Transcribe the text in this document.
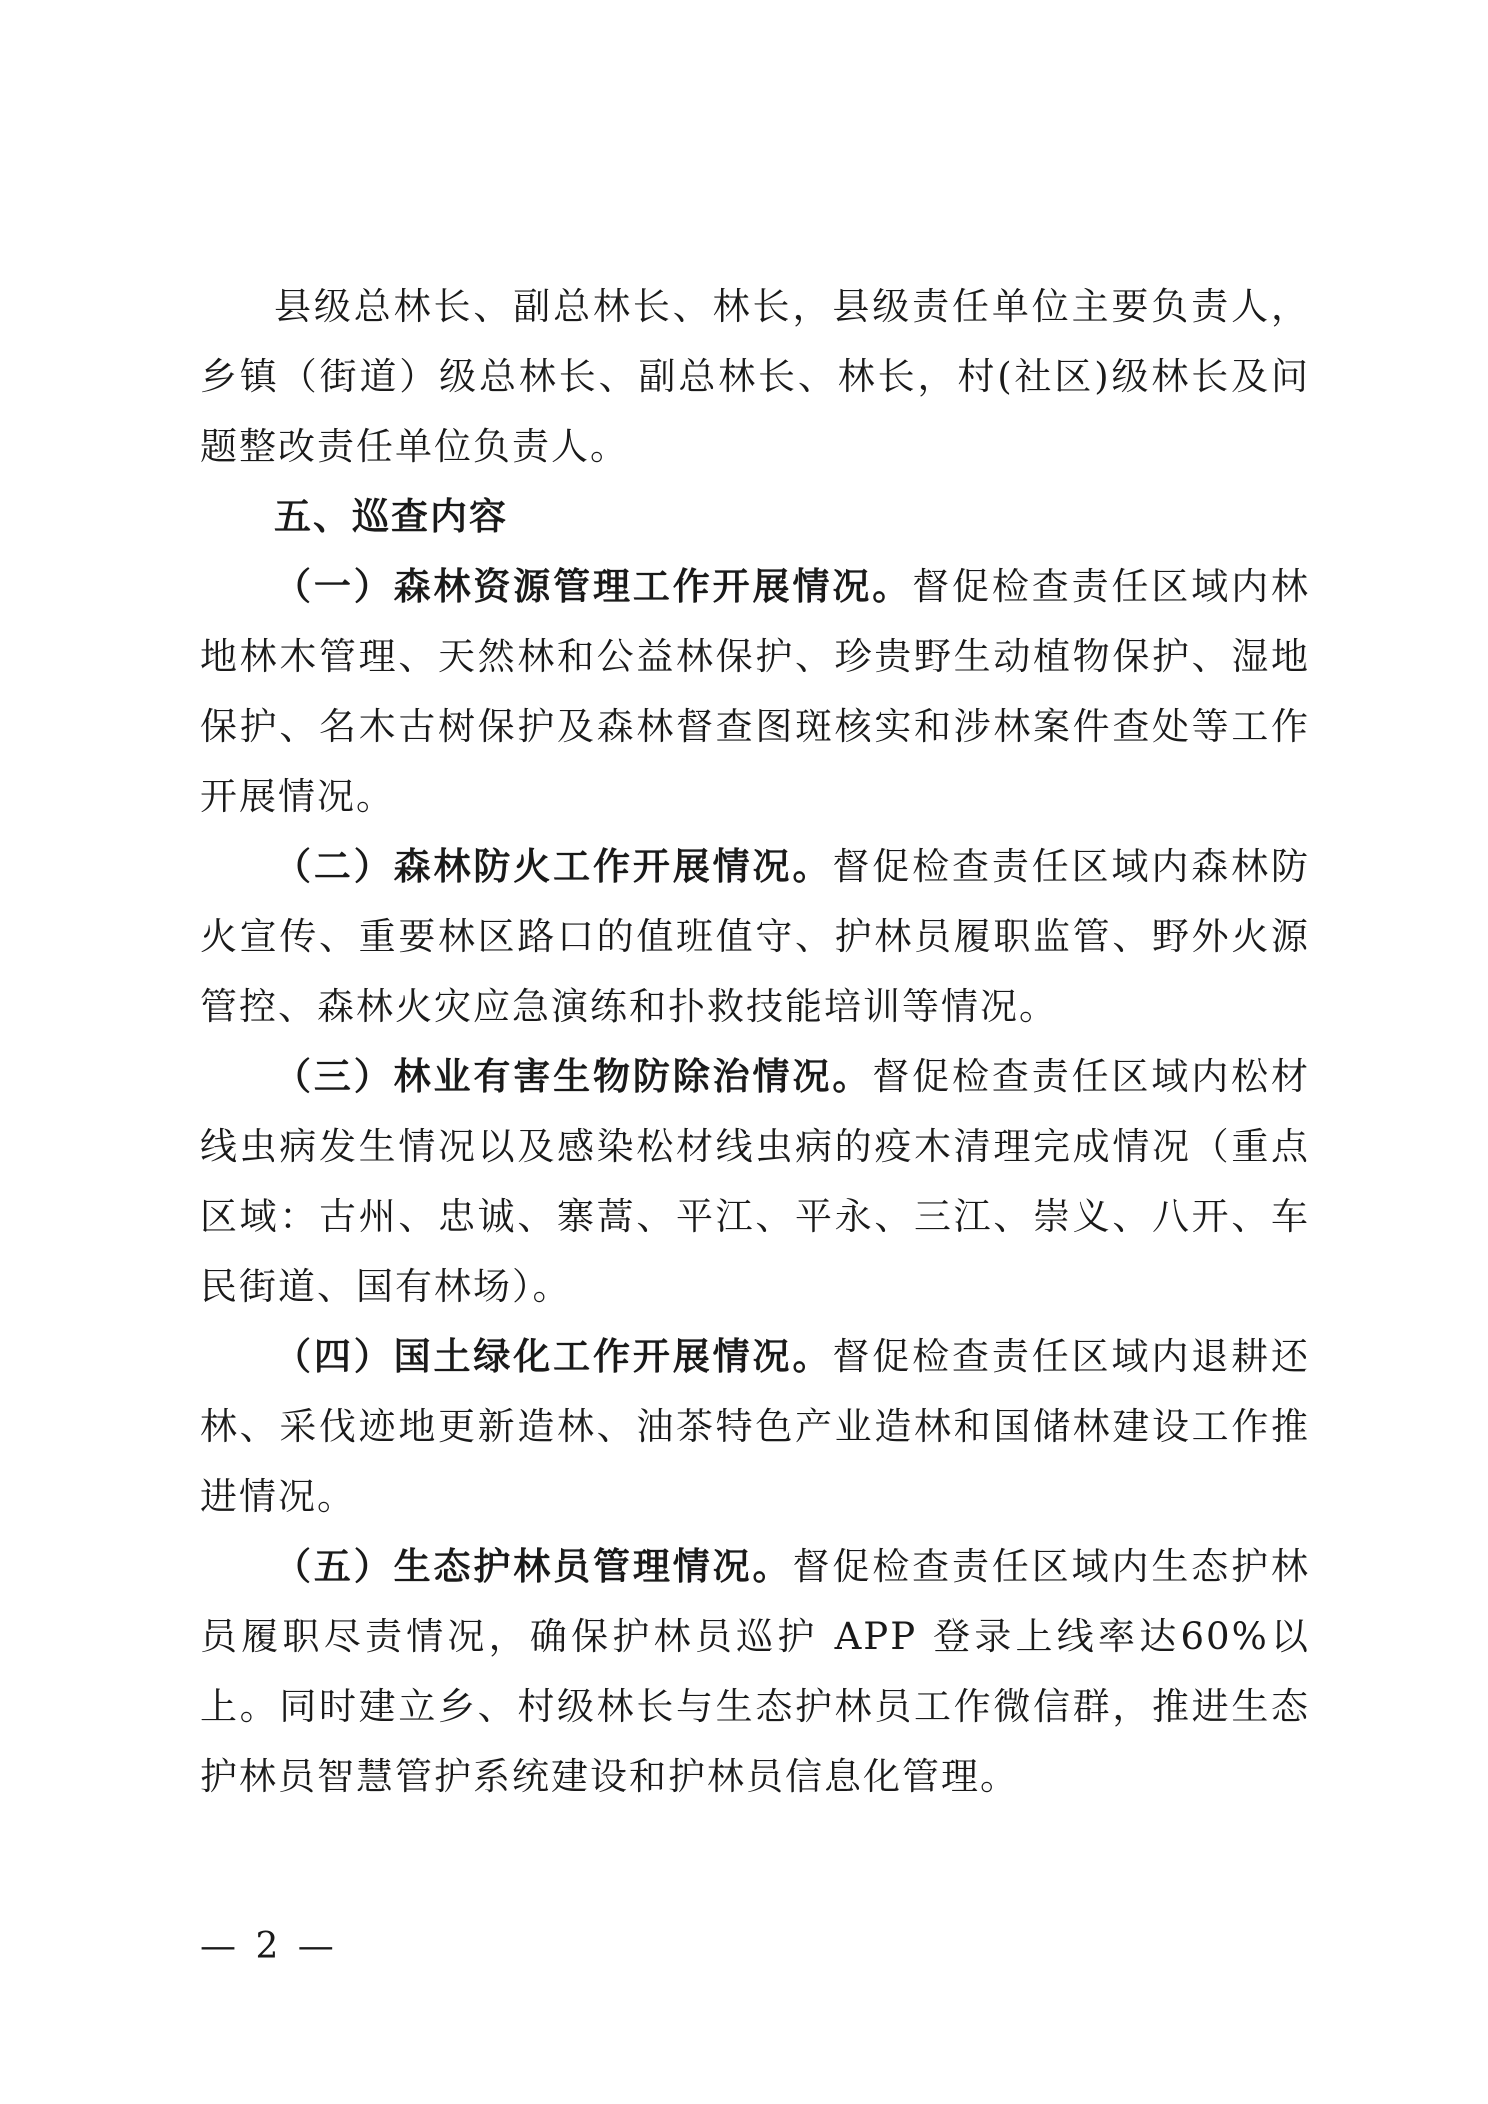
县级总林长、副总林长、林长，县级责任单位主要负责人，乡镇（街道）级总林长、副总林长、林长，村(社区)级林长及问题整改责任单位负责人。

五、巡查内容

（一）森林资源管理工作开展情况。督促检查责任区域内林地林木管理、天然林和公益林保护、珍贵野生动植物保护、湿地保护、名木古树保护及森林督查图斑核实和涉林案件查处等工作开展情况。

（二）森林防火工作开展情况。督促检查责任区域内森林防火宣传、重要林区路口的值班值守、护林员履职监管、野外火源管控、森林火灾应急演练和扑救技能培训等情况。

（三）林业有害生物防除治情况。督促检查责任区域内松材线虫病发生情况以及感染松材线虫病的疫木清理完成情况（重点区域：古州、忠诚、寨蒿、平江、平永、三江、崇义、八开、车民街道、国有林场）。

（四）国土绿化工作开展情况。督促检查责任区域内退耕还林、采伐迹地更新造林、油茶特色产业造林和国储林建设工作推进情况。

（五）生态护林员管理情况。督促检查责任区域内生态护林员履职尽责情况，确保护林员巡护 APP 登录上线率达60%以上。同时建立乡、村级林长与生态护林员工作微信群，推进生态护林员智慧管护系统建设和护林员信息化管理。

— 2 —
